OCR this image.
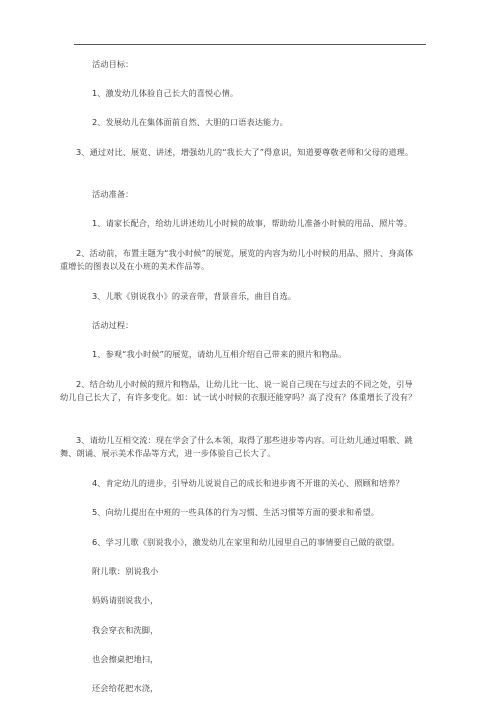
活动目标：

1、激发幼儿体验自己长大的喜悦心情。

2、发展幼儿在集体面前自然、大胆的口语表达能力。

3、通过对比、展览、讲述，增强幼儿的“我长大了”得意识，知道要尊敬老师和父母的道理。

活动准备：

1、请家长配合，给幼儿讲述幼儿小时候的故事，帮助幼儿准备小时候的用品、照片等。

2、活动前，布置主题为“我小时候”的展览，展览的内容为幼儿小时候的用品、照片、身高体重增长的图表以及在小班的美术作品等。

3、儿歌《别说我小》的录音带，背景音乐，曲目自选。

活动过程：

1、参观“我小时候”的展览，请幼儿互相介绍自己带来的照片和物品。

2、结合幼儿小时候的照片和物品，让幼儿比一比、说一说自己现在与过去的不同之处，引导幼儿自己长大了，有许多变化。如：试一试小时候的衣服还能穿吗？高了没有？体重增长了没有？

3、请幼儿互相交流：现在学会了什么本领，取得了那些进步等内容。可让幼儿通过唱歌、跳舞、朗诵、展示美术作品等方式，进一步体验自己长大了。

4、肯定幼儿的进步，引导幼儿说说自己的成长和进步离不开谁的关心、照顾和培养？

5、向幼儿提出在中班的一些具体的行为习惯、生活习惯等方面的要求和希望。

6、学习儿歌《别说我小》，激发幼儿在家里和幼儿园里自己的事情要自己做的欲望。

附儿歌：别说我小

妈妈请别说我小，

我会穿衣和洗脚，

也会擦桌把地扫，

还会给花把水浇，
